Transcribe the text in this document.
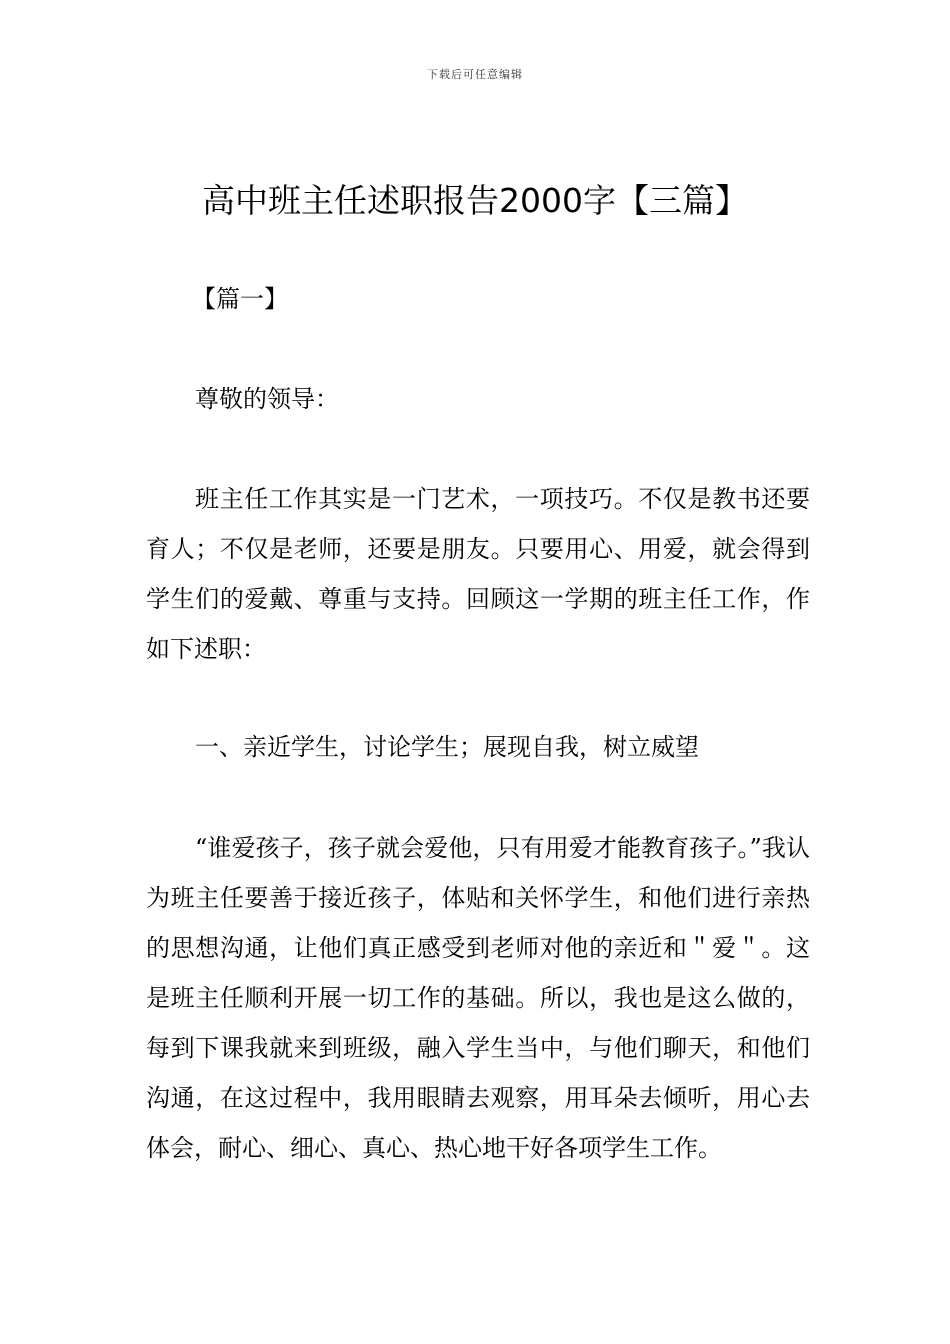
下载后可任意编辑
高中班主任述职报告2000字【三篇】
【篇一】
尊敬的领导：

班主任工作其实是一门艺术，一项技巧。不仅是教书还要育人；不仅是老师，还要是朋友。只要用心、用爱，就会得到学生们的爱戴、尊重与支持。回顾这一学期的班主任工作，作如下述职：

一、亲近学生，讨论学生；展现自我，树立威望

“谁爱孩子，孩子就会爱他，只有用爱才能教育孩子。”我认为班主任要善于接近孩子，体贴和关怀学生，和他们进行亲热的思想沟通，让他们真正感受到老师对他的亲近和＂爱＂。这是班主任顺利开展一切工作的基础。所以，我也是这么做的，每到下课我就来到班级，融入学生当中，与他们聊天，和他们沟通，在这过程中，我用眼睛去观察，用耳朵去倾听，用心去体会，耐心、细心、真心、热心地干好各项学生工作。
